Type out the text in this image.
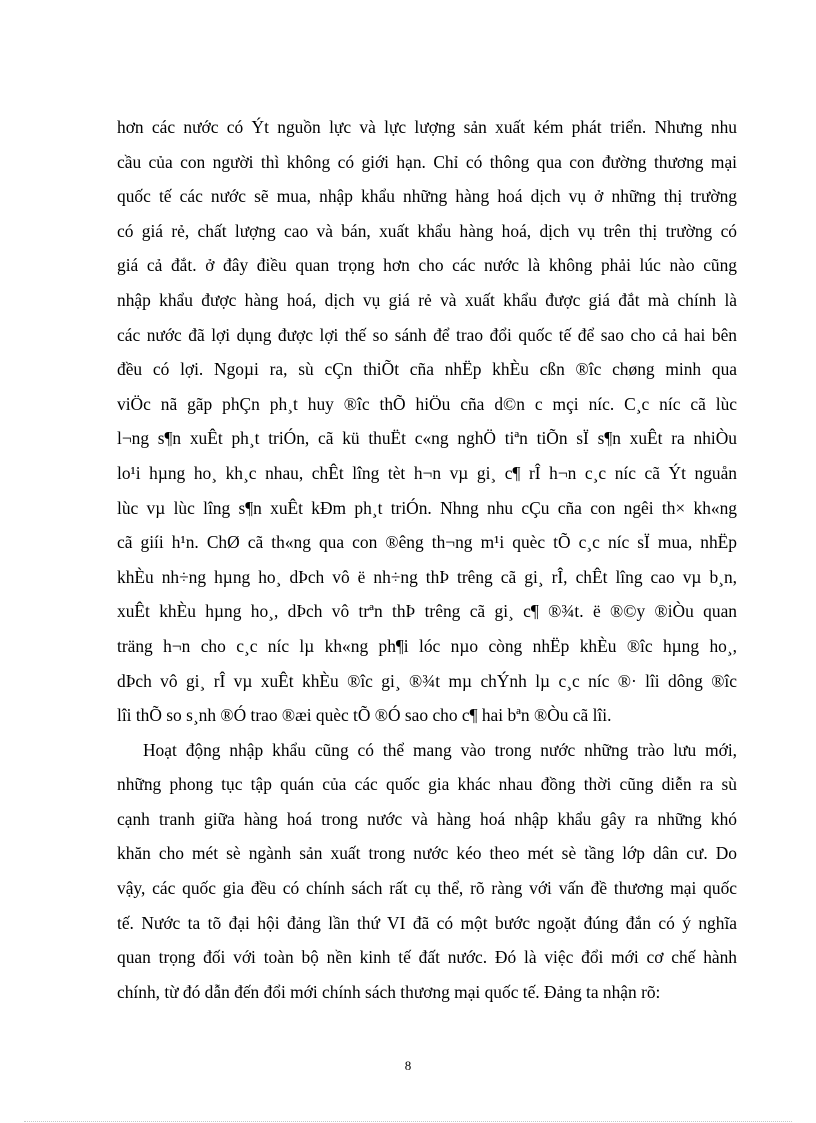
hơn các nước có Ýt nguồn lực và lực lượng sản xuất kém phát triển. Nhưng nhu
cầu của con người thì không có giới hạn. Chỉ có thông qua con đường thương mại
quốc tế các nước sẽ mua, nhập khẩu những hàng hoá dịch vụ ở những thị trường
có giá rẻ, chất lượng cao và bán, xuất khẩu hàng hoá, dịch vụ trên thị trường có
giá cả đắt. ở đây điều quan trọng hơn cho các nước là không phải lúc nào cũng
nhập khẩu được hàng hoá, dịch vụ giá rẻ và xuất khẩu được giá đắt mà chính là
các nước đã lợi dụng được lợi thế so sánh để trao đổi quốc tế để sao cho cả hai bên
đều có lợi. Ngoµi ra, sù cÇn thiÕt cña nhËp khÈu cßn ®îc chøng minh qua
viÖc nã gãp phÇn ph¸t huy ®îc thÕ hiÖu cña d©n c mçi níc. C¸c níc cã lùc
l¬ng s¶n xuÊt ph¸t triÓn, cã kü thuËt c«ng nghÖ tiªn tiÕn sÏ s¶n xuÊt ra nhiÒu
lo¹i hµng ho¸ kh¸c nhau, chÊt lîng tèt h¬n vµ gi¸ c¶ rÎ h¬n c¸c níc cã Ýt nguån
lùc vµ lùc lîng s¶n xuÊt kÐm ph¸t triÓn. Nhng nhu cÇu cña con ngêi th× kh«ng
cã giíi h¹n. ChØ cã th«ng qua con ®êng th¬ng m¹i quèc tÕ c¸c níc sÏ mua, nhËp
khÈu nh÷ng hµng ho¸ dÞch vô ë nh÷ng thÞ trêng cã gi¸ rÎ, chÊt lîng cao vµ b¸n,
xuÊt khÈu hµng ho¸, dÞch vô trªn thÞ trêng cã gi¸ c¶ ®¾t. ë ®©y ®iÒu quan
träng h¬n cho c¸c níc lµ kh«ng ph¶i lóc nµo còng nhËp khÈu ®îc hµng ho¸,
dÞch vô gi¸ rÎ vµ xuÊt khÈu ®îc gi¸ ®¾t mµ chÝnh lµ c¸c níc ®· lîi dông ®îc
lîi thÕ so s¸nh ®Ó trao ®æi quèc tÕ ®Ó sao cho c¶ hai bªn ®Òu cã lîi.
Hoạt động nhập khẩu cũng có thể mang vào trong nước những trào lưu mới,
những phong tục tập quán của các quốc gia khác nhau đồng thời cũng diễn ra sù
cạnh tranh giữa hàng hoá trong nước và hàng hoá nhập khẩu gây ra những khó
khăn cho mét sè ngành sản xuất trong nước kéo theo mét sè tầng lớp dân cư. Do
vậy, các quốc gia đều có chính sách rất cụ thể, rõ ràng với vấn đề thương mại quốc
tế. Nước ta tõ đại hội đảng lần thứ VI đã có một bước ngoặt đúng đắn có ý nghĩa
quan trọng đối với toàn bộ nền kinh tế đất nước. Đó là việc đổi mới cơ chế hành
chính, từ đó dẫn đến đổi mới chính sách thương mại quốc tế. Đảng ta nhận rõ:
8
